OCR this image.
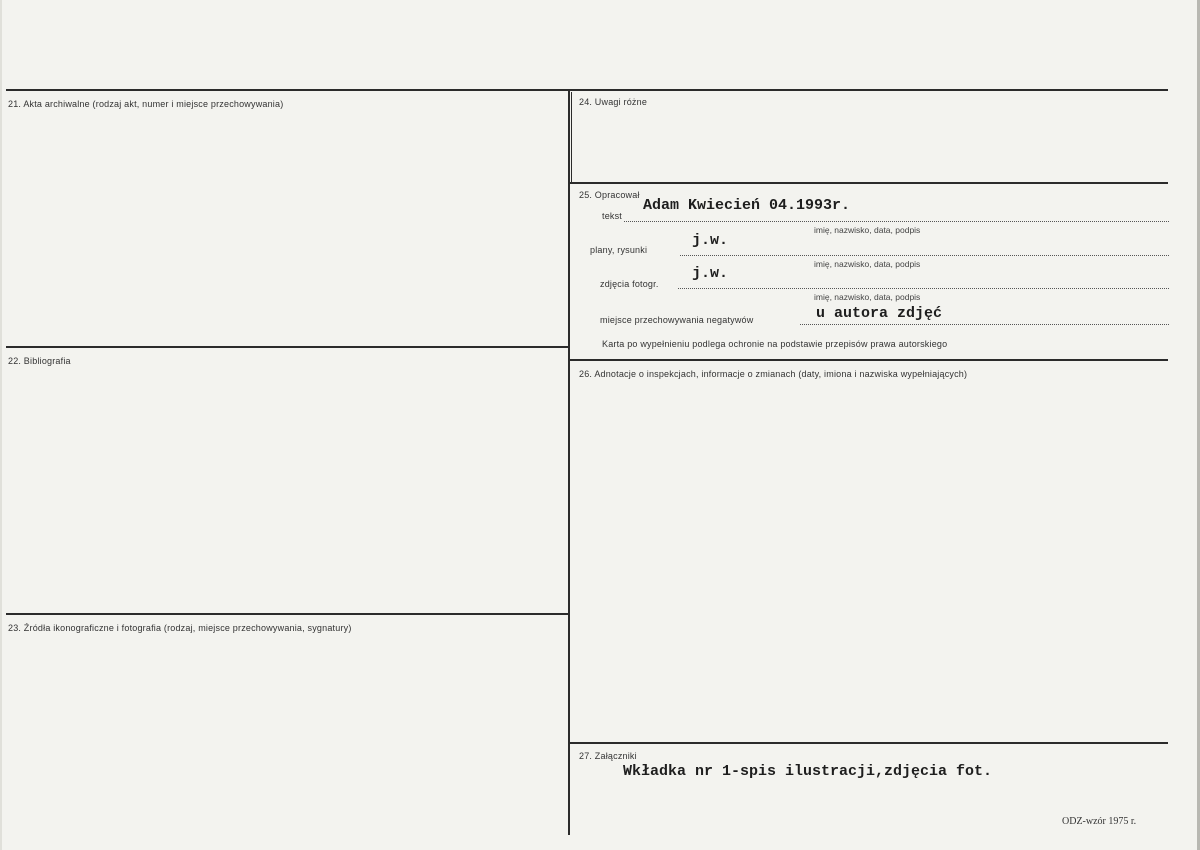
21. Akta archiwalne (rodzaj akt, numer i miejsce przechowywania)
22. Bibliografia
23. Źródła ikonograficzne i fotografia (rodzaj, miejsce przechowywania, sygnatury)
24. Uwagi różne
25. Opracował
tekst
Adam Kwiecień 04.1993r.
imię, nazwisko, data, podpis
plany, rysunki
j.w.
imię, nazwisko, data, podpis
zdjęcia fotogr.
j.w.
imię, nazwisko, data, podpis
miejsce przechowywania negatywów	u autora zdjęć
Karta po wypełnieniu podlega ochronie na podstawie przepisów prawa autorskiego
26. Adnotacje o inspekcjach, informacje o zmianach (daty, imiona i nazwiska wypełniających)
27. Załączniki
Wkładka nr 1-spis ilustracji,zdjęcia fot.
ODZ-wzór 1975 r.
